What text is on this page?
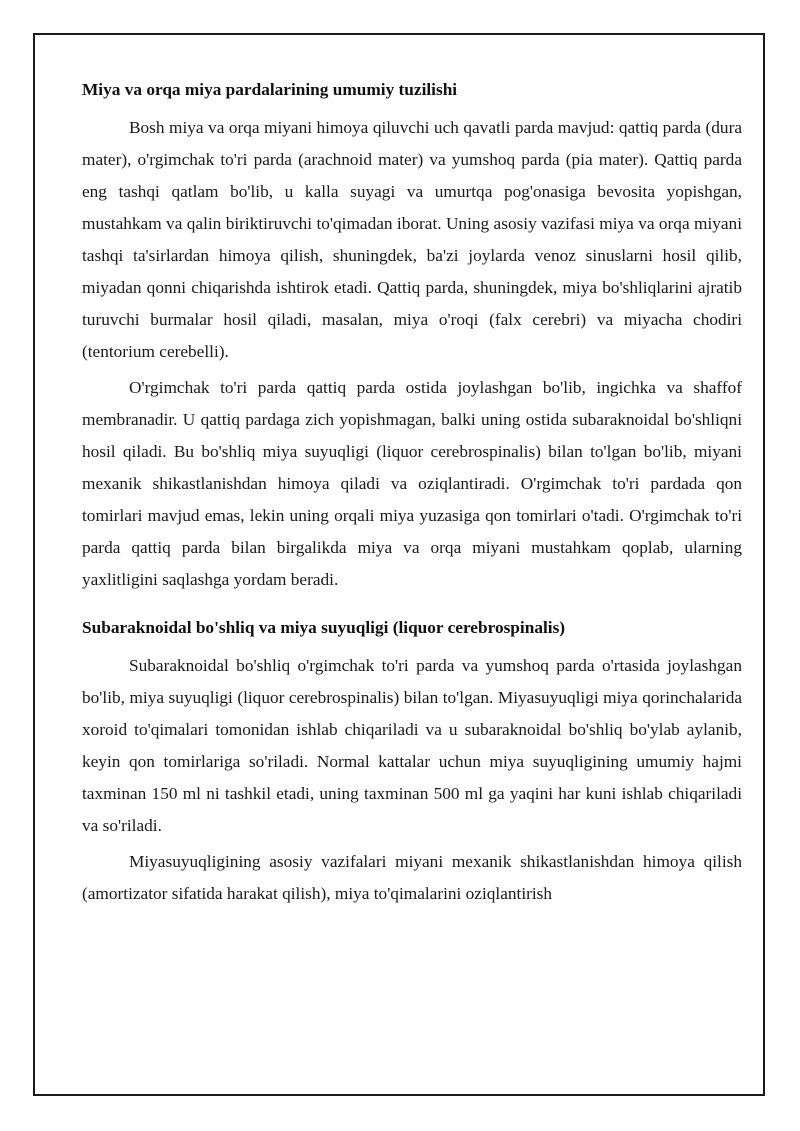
Miya va orqa miya pardalarining umumiy tuzilishi

Bosh miya va orqa miyani himoya qiluvchi uch qavatli parda mavjud: qattiq parda (dura mater), o'rgimchak to'ri parda (arachnoid mater) va yumshoq parda (pia mater). Qattiq parda eng tashqi qatlam bo'lib, u kalla suyagi va umurtqa pog'onasiga bevosita yopishgan, mustahkam va qalin biriktiruvchi to'qimadan iborat. Uning asosiy vazifasi miya va orqa miyani tashqi ta'sirlardan himoya qilish, shuningdek, ba'zi joylarda venoz sinuslarni hosil qilib, miyadan qonni chiqarishda ishtirok etadi. Qattiq parda, shuningdek, miya bo'shliqlarini ajratib turuvchi burmalar hosil qiladi, masalan, miya o'roqi (falx cerebri) va miyacha chodiri (tentorium cerebelli).

O'rgimchak to'ri parda qattiq parda ostida joylashgan bo'lib, ingichka va shaffof membranadir. U qattiq pardaga zich yopishmagan, balki uning ostida subaraknoidal bo'shliqni hosil qiladi. Bu bo'shliq miya suyuqligi (liquor cerebrospinalis) bilan to'lgan bo'lib, miyani mexanik shikastlanishdan himoya qiladi va oziqlantiradi. O'rgimchak to'ri pardada qon tomirlari mavjud emas, lekin uning orqali miya yuzasiga qon tomirlari o'tadi. O'rgimchak to'ri parda qattiq parda bilan birgalikda miya va orqa miyani mustahkam qoplab, ularning yaxlitligini saqlashga yordam beradi.

Subaraknoidal bo'shliq va miya suyuqligi (liquor cerebrospinalis)

Subaraknoidal bo'shliq o'rgimchak to'ri parda va yumshoq parda o'rtasida joylashgan bo'lib, miya suyuqligi (liquor cerebrospinalis) bilan to'lgan. Miyasuyuqligi miya qorinchalarida xoroid to'qimalari tomonidan ishlab chiqariladi va u subaraknoidal bo'shliq bo'ylab aylanib, keyin qon tomirlariga so'riladi. Normal kattalar uchun miya suyuqligining umumiy hajmi taxminan 150 ml ni tashkil etadi, uning taxminan 500 ml ga yaqini har kuni ishlab chiqariladi va so'riladi.

Miyasuyuqligining asosiy vazifalari miyani mexanik shikastlanishdan himoya qilish (amortizator sifatida harakat qilish), miya to'qimalarini oziqlantirish
